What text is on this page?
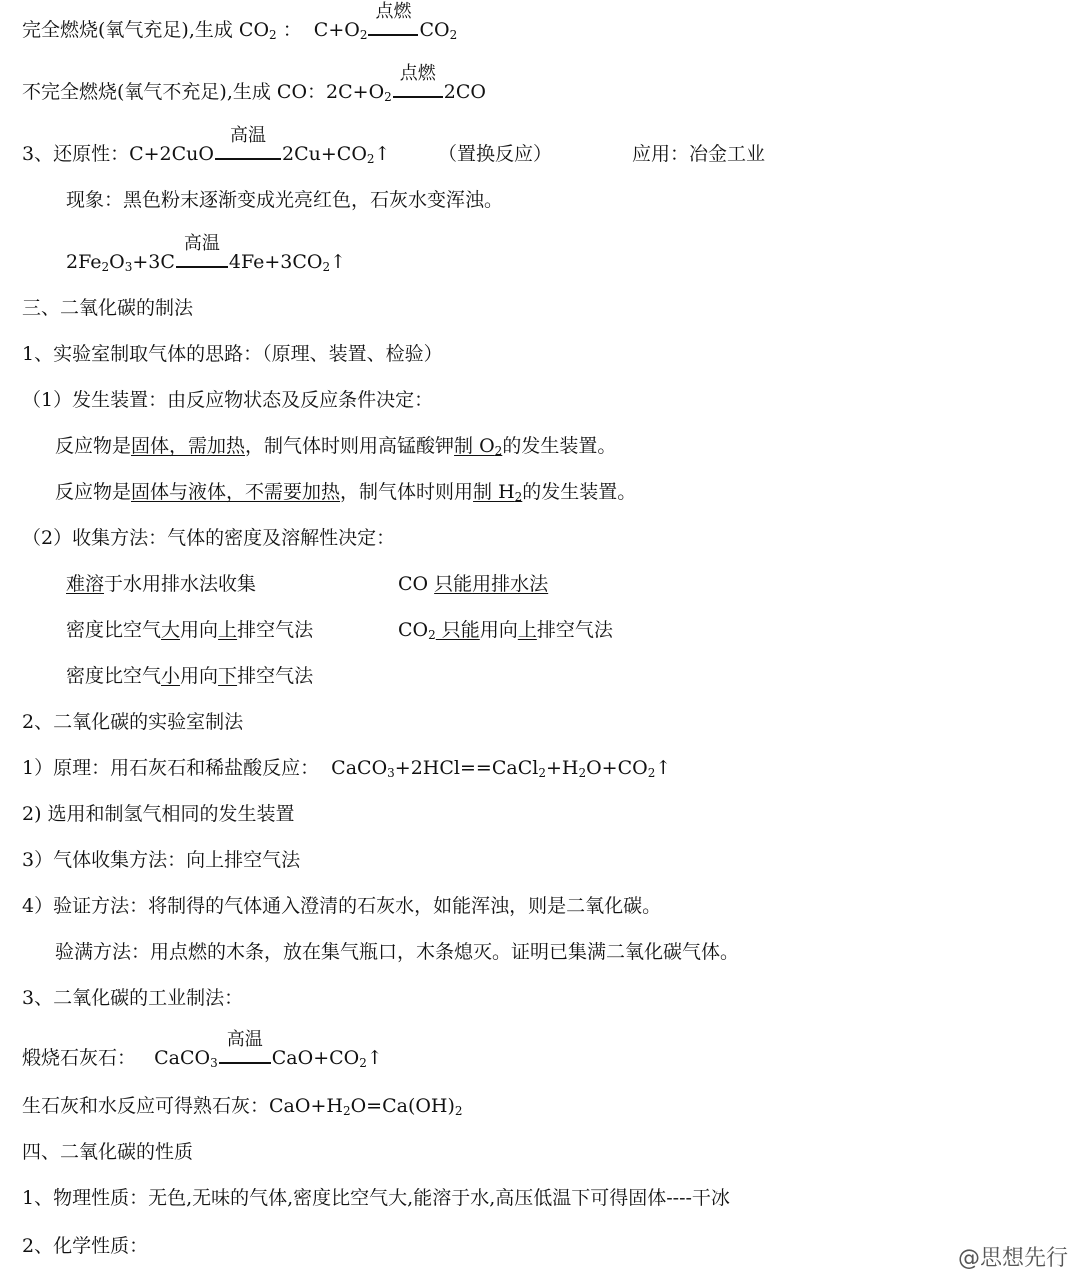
完全燃烧(氧气充足),生成 $CO_2$ ：  $C+O_2$
点燃
$CO_2$
不完全燃烧(氧气不充足),生成 CO：$2C+O_2$
点燃
2CO
3、还原性：C+2CuO
高温
$2Cu+CO_2↑$	（置换反应）	应用：冶金工业
现象：黑色粉末逐渐变成光亮红色，石灰水变浑浊。
$2Fe_2O_3+3C$
高温
$4Fe+3CO_2↑$
三、二氧化碳的制法
1、实验室制取气体的思路：（原理、装置、检验）
（1）发生装置：由反应物状态及反应条件决定：
反应物是固体，需加热，制气体时则用高锰酸钾制 $O_2$的发生装置。
反应物是固体与液体，不需要加热，制气体时则用制 $H_2$的发生装置。
（2）收集方法：气体的密度及溶解性决定：
难溶于水用排水法收集	CO 只能用排水法
密度比空气大用向上排空气法	$CO_2$ 只能用向上排空气法
密度比空气小用向下排空气法
2、二氧化碳的实验室制法
1）原理：用石灰石和稀盐酸反应：  $CaCO_3+2HCl==CaCl_2+H_2O+CO_2↑$
2) 选用和制氢气相同的发生装置
3）气体收集方法：向上排空气法
4）验证方法：将制得的气体通入澄清的石灰水，如能浑浊，则是二氧化碳。
验满方法：用点燃的木条，放在集气瓶口，木条熄灭。证明已集满二氧化碳气体。
3、二氧化碳的工业制法：
煅烧石灰石：   CaCO$_3$
高温
$CaO+CO_2↑$
生石灰和水反应可得熟石灰：$CaO+H_2O=Ca(OH)_2$
四、二氧化碳的性质
1、物理性质：无色,无味的气体,密度比空气大,能溶于水,高压低温下可得固体----干冰
2、化学性质：	@思想先行
